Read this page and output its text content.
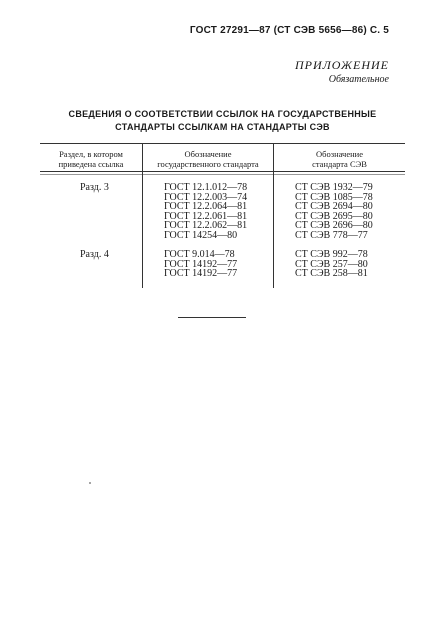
ГОСТ 27291—87 (СТ СЭВ 5656—86) С. 5
ПРИЛОЖЕНИЕ
Обязательное
СВЕДЕНИЯ О СООТВЕТСТВИИ ССЫЛОК НА ГОСУДАРСТВЕННЫЕ
СТАНДАРТЫ ССЫЛКАМ НА СТАНДАРТЫ СЭВ
Раздел, в котором
приведена ссылка
Обозначение
государственного стандарта
Обозначение
стандарта СЭВ
Разд. 3	ГОСТ 12.1.012—78
ГОСТ 12.2.003—74
ГОСТ 12.2.064—81
ГОСТ 12.2.061—81
ГОСТ 12.2.062—81
ГОСТ 14254—80
СТ СЭВ 1932—79
СТ СЭВ 1085—78
СТ СЭВ 2694—80
СТ СЭВ 2695—80
СТ СЭВ 2696—80
СТ СЭВ 778—77
Разд. 4	ГОСТ 9.014—78
ГОСТ 14192—77
ГОСТ 14192—77
СТ СЭВ 992—78
СТ СЭВ 257—80
СТ СЭВ 258—81
